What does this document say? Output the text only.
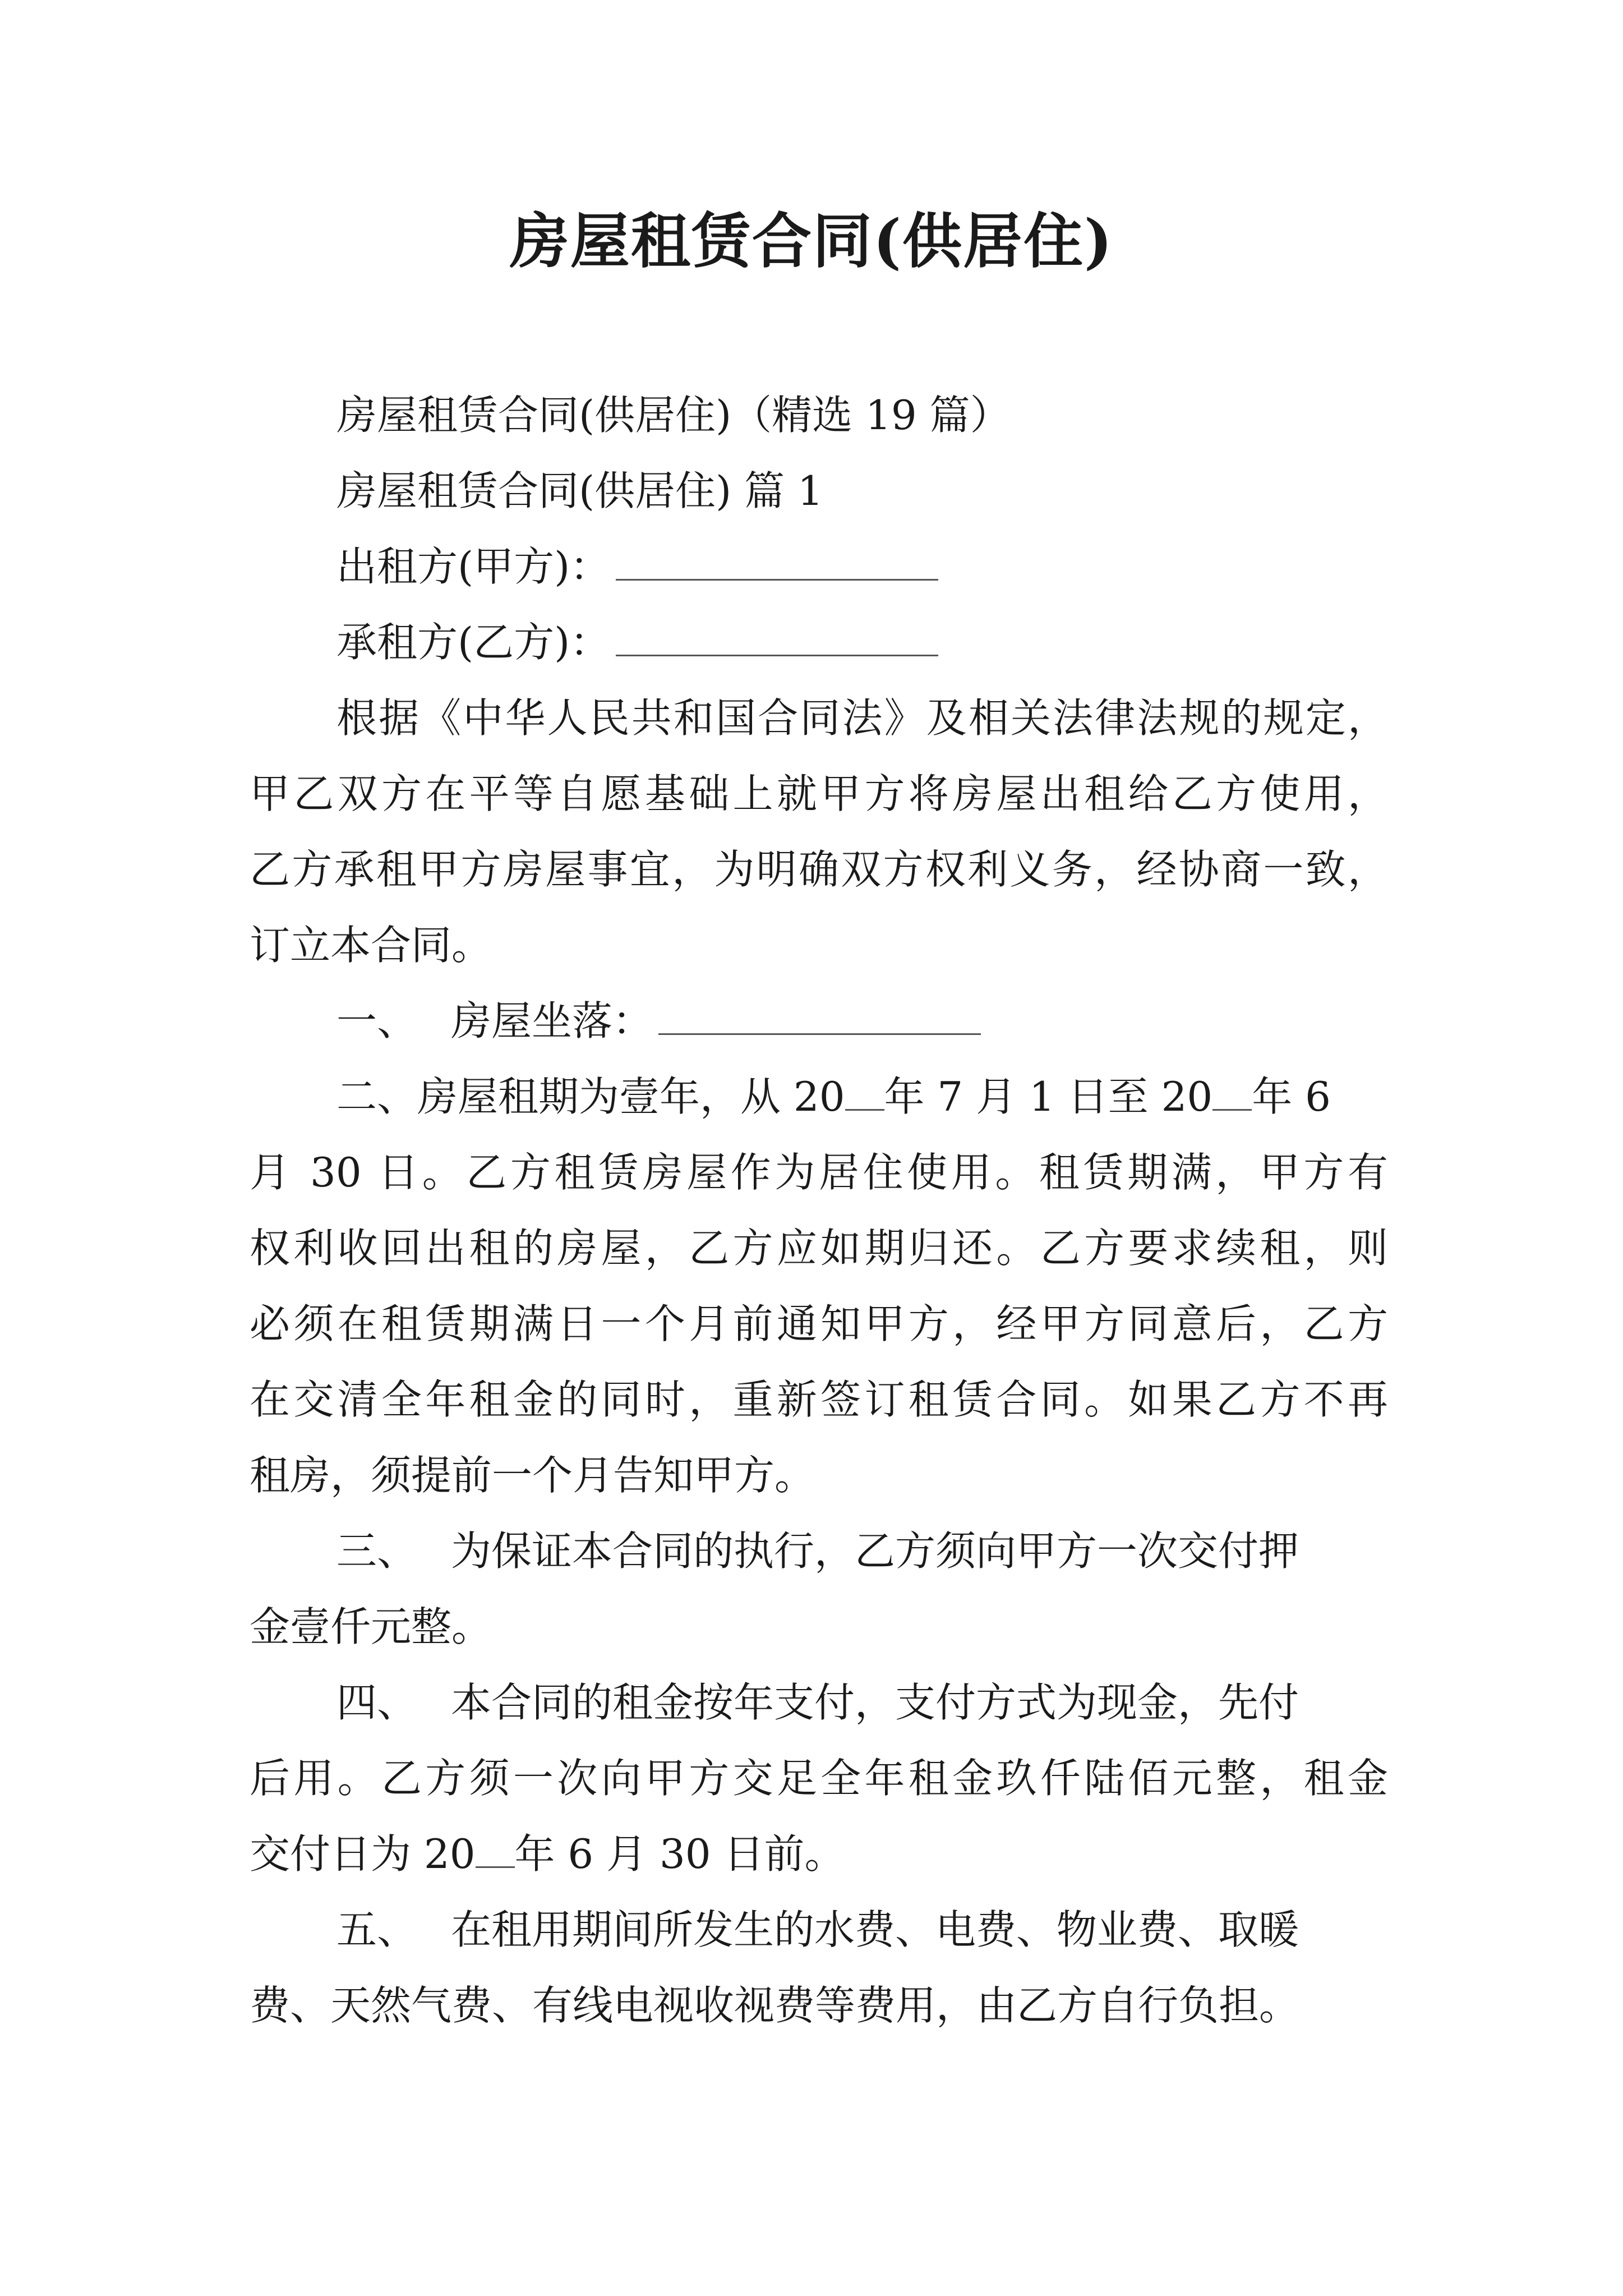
房屋租赁合同(供居住)
房屋租赁合同(供居住)（精选 19 篇）
房屋租赁合同(供居住) 篇 1
出租方(甲方)：
承租方(乙方)：
根据《中华人民共和国合同法》及相关法律法规的规定，
甲乙双方在平等自愿基础上就甲方将房屋出租给乙方使用，
乙方承租甲方房屋事宜，为明确双方权利义务，经协商一致，
订立本合同。
一、 房屋坐落：
二、房屋租期为壹年，从 20 年 7 月 1 日至 20 年 6
月 30 日。乙方租赁房屋作为居住使用。租赁期满，甲方有
权利收回出租的房屋，乙方应如期归还。乙方要求续租，则
必须在租赁期满日一个月前通知甲方，经甲方同意后，乙方
在交清全年租金的同时，重新签订租赁合同。如果乙方不再
租房，须提前一个月告知甲方。
三、 为保证本合同的执行，乙方须向甲方一次交付押
金壹仟元整。
四、 本合同的租金按年支付，支付方式为现金，先付
后用。乙方须一次向甲方交足全年租金玖仟陆佰元整，租金
交付日为 20 年 6 月 30 日前。
五、 在租用期间所发生的水费、电费、物业费、取暖
费、天然气费、有线电视收视费等费用，由乙方自行负担。
